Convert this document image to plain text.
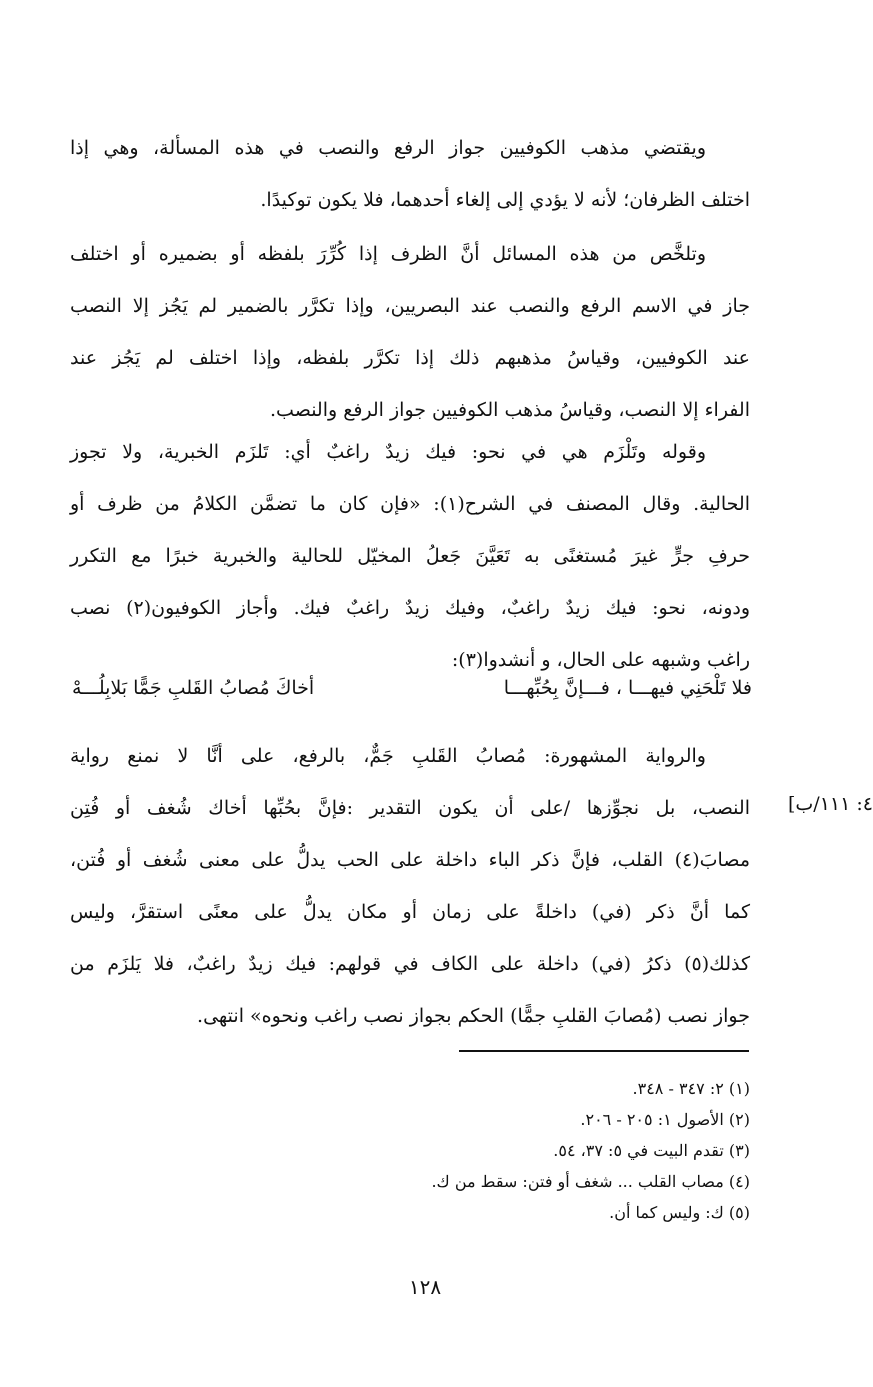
ويقتضي مذهب الكوفيين جواز الرفع والنصب في هذه المسألة، وهي إذا
اختلف الظرفان؛ لأنه لا يؤدي إلى إلغاء أحدهما، فلا يكون توكيدًا.
وتلخَّص من هذه المسائل أنَّ الظرف إذا كُرِّرَ بلفظه أو بضميره أو اختلف
جاز في الاسم الرفع والنصب عند البصريين، وإذا تكرَّر بالضمير لم يَجُز إلا النصب
عند الكوفيين، وقياسُ مذهبهم ذلك إذا تكرَّر بلفظه، وإذا اختلف لم يَجُز عند
الفراء إلا النصب، وقياسُ مذهب الكوفيين جواز الرفع والنصب.
وقوله وتَلْزَم هي في نحو: فيك زيدٌ راغبٌ أي: تَلزَم الخبرية، ولا تجوز
الحالية. وقال المصنف في الشرح(١): «فإن كان ما تضمَّن الكلامُ من ظرف أو
حرفِ جرٍّ غيرَ مُستغنًى به تَعَيَّنَ جَعلُ المخيّل للحالية والخبرية خبرًا مع التكرر
ودونه، نحو: فيك زيدٌ راغبٌ، وفيك زيدٌ راغبٌ فيك. وأجاز الكوفيون(٢) نصب
راغب وشبهه على الحال، و أنشدوا(٣):
فلا تَلْحَنِي فيهـــا ، فـــإنَّ بِحُبِّهـــا
أخاكَ مُصابُ القَلبِ جَمًّا بَلابِلُـــهْ
والرواية المشهورة: مُصابُ القَلبِ جَمٌّ، بالرفع، على أنَّا لا نمنع رواية
النصب، بل نجوِّزها /على أن يكون التقدير :فإنَّ بحُبِّها أخاك شُغف أو فُتِن
مصابَ(٤) القلب، فإنَّ ذكر الباء داخلة على الحب يدلُّ على معنى شُغف أو فُتن،
كما أنَّ ذكر (في) داخلةً على زمان أو مكان يدلُّ على معنًى استقرَّ، وليس
كذلك(٥) ذكرُ (في) داخلة على الكاف في قولهم: فيك زيدٌ راغبٌ، فلا يَلزَم من
جواز نصب (مُصابَ القلبِ جمًّا) الحكم بجواز نصب راغب ونحوه» انتهى.
٤: ١١١/ب]

(١) ٢: ٣٤٧ - ٣٤٨.

(٢) الأصول ١: ٢٠٥ - ٢٠٦.

(٣) تقدم البيت في ٥: ٣٧، ٥٤.

(٤) مصاب القلب ... شغف أو فتن: سقط من ك.

(٥) ك: وليس كما أن.

١٢٨
